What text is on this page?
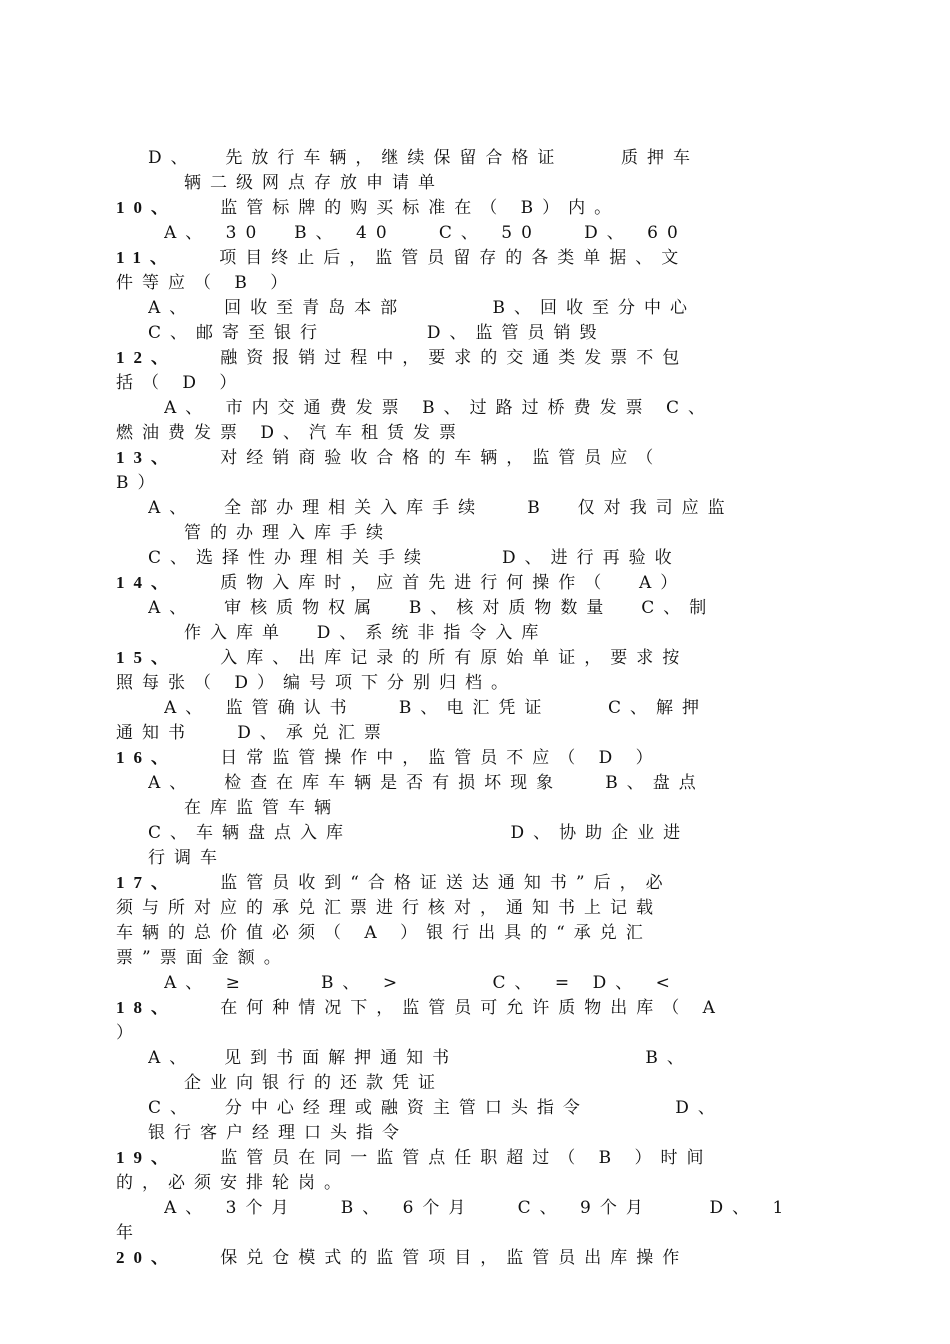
D、  先放行车辆，继续保留合格证    质押车
辆二级网点存放申请单
10、   监管标牌的购买标准在（ B）内。
A、 30  B、 40   C、 50   D、 60
11、   项目终止后，监管员留存的各类单据、文
件等应（ B ）
A、  回收至青岛本部      B、回收至分中心
C、邮寄至银行       D、监管员销毁
12、   融资报销过程中，要求的交通类发票不包
括（ D ）
A、 市内交通费发票 B、过路过桥费发票 C、
燃油费发票 D、汽车租赁发票
13、   对经销商验收合格的车辆，监管员应（
B）
A、  全部办理相关入库手续   B  仅对我司应监
管的办理入库手续
C、选择性办理相关手续     D、进行再验收
14、   质物入库时，应首先进行何操作（  A）
A、  审核质物权属  B、核对质物数量  C、制
作入库单  D、系统非指令入库
15、   入库、出库记录的所有原始单证，要求按
照每张（ D）编号项下分别归档。
A、 监管确认书   B、电汇凭证    C、解押
通知书   D、承兑汇票
16、   日常监管操作中，监管员不应（ D ）
A、  检查在库车辆是否有损坏现象   B、盘点
在库监管车辆
C、车辆盘点入库           D、协助企业进
行调车
17、   监管员收到“合格证送达通知书”后，必
须与所对应的承兑汇票进行核对，通知书上记载
车辆的总价值必须（ A ）银行出具的“承兑汇
票”票面金额。
A、 ≥     B、 >      C、 = D、 <
18、   在何种情况下，监管员可允许质物出库（ A
）
A、  见到书面解押通知书             B、
企业向银行的还款凭证
C、  分中心经理或融资主管口头指令      D、
银行客户经理口头指令
19、   监管员在同一监管点任职超过（ B ）时间
的，必须安排轮岗。
A、 3个月   B、 6个月   C、 9个月    D、 1
年
20、   保兑仓模式的监管项目，监管员出库操作
